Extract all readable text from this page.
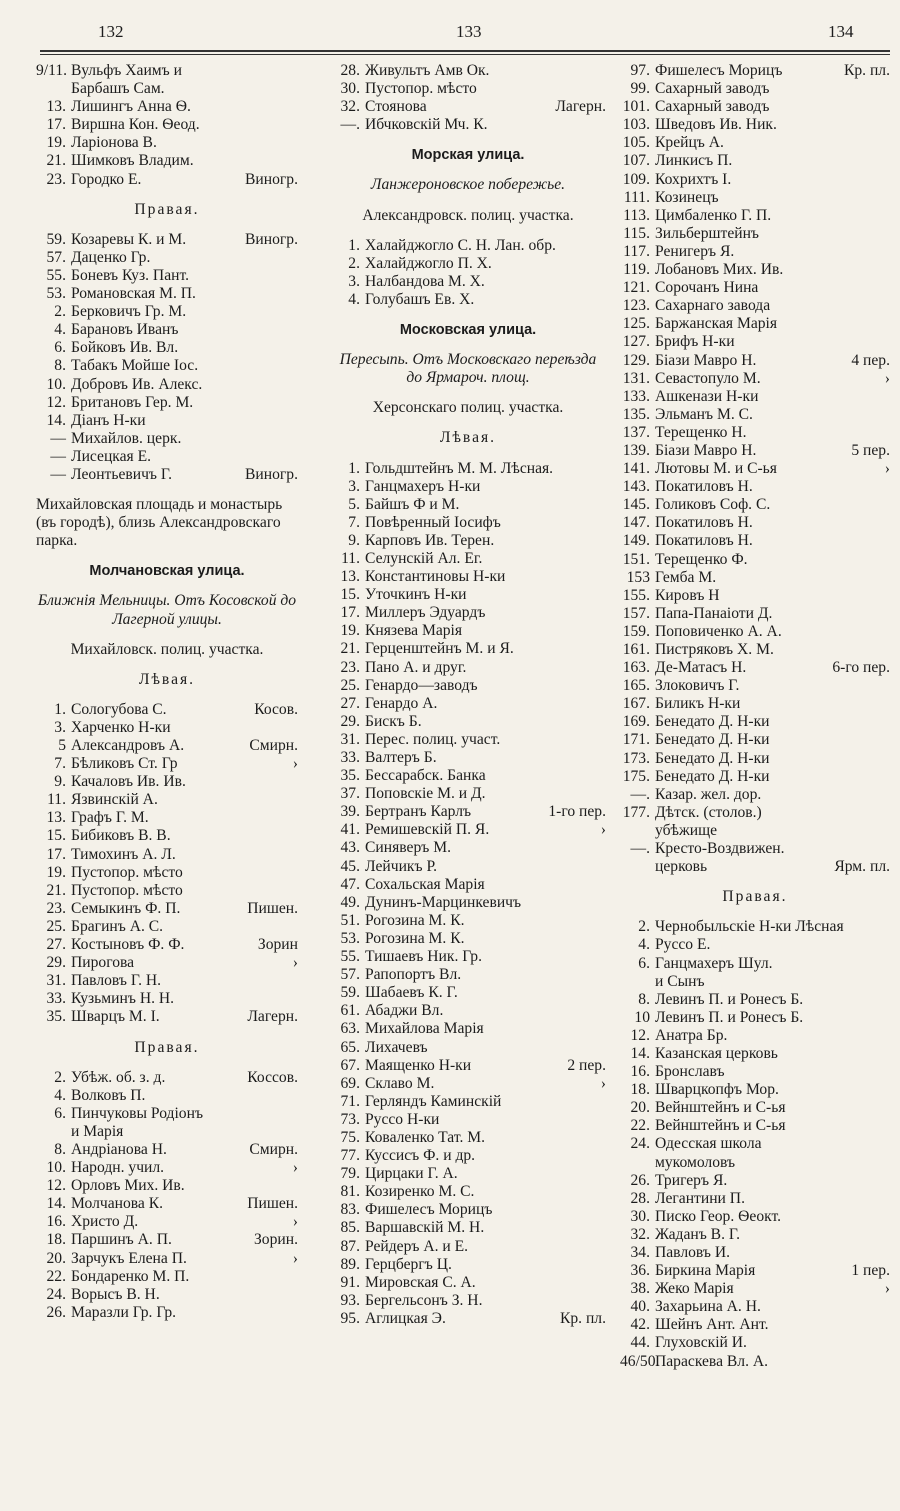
132	133	134
9/11. Вульфъ Хаимъ и
Барбашъ Сам.
13. Лишингъ Анна Ѳ.
17. Виршна Кон. Ѳеод.
19. Ларіонова В.
21. Шимковъ Владим.
23. Городко Е.	Виногр.
Правая.
59. Козаревы К. и М.	Виногр.
57. Даценко Гр.
55. Боневъ Куз. Пант.
53. Романовская М. П.
2. Берковичъ Гр. М.
4. Барановъ Иванъ
6. Бойковъ Ив. Вл.
8. Табакъ Мойше Іос.
10. Добровъ Ив. Алекс.
12. Британовъ Гер. М.
14. Діанъ Н-ки
— Михайлов. церк.
— Лисецкая Е.
— Леонтьевичъ Г.	Виногр.
Михайловская площадь и монастырь (въ городѣ), близь Александровскаго парка.
Молчановская улица.
Ближнія Мельницы. Отъ Косовской до Лагерной улицы.
Михайловск. полиц. участка.
Лѣвая.
1. Сологубова С.	Косов.
3. Харченко Н-ки
5 Александровъ А.	Смирн.
7. Бѣликовъ Ст. Гр	›
9. Качаловъ Ив. Ив.
11. Язвинскій А.
13. Графъ Г. М.
15. Бибиковъ В. В.
17. Тимохинъ А. Л.
19. Пустопор. мѣсто
21. Пустопор. мѣсто
23. Семыкинъ Ф. П.	Пишен.
25. Брагинъ А. С.
27. Костыновъ Ф. Ф.	Зорин
29. Пирогова	›
31. Павловъ Г. Н.
33. Кузьминъ Н. Н.
35. Шварцъ М. І.	Лагерн.
Правая.
2. Убѣж. об. з. д.	Коссов.
4. Волковъ П.
6. Пинчуковы Родіонъ
и Марія
8. Андріанова Н.	Смирн.
10. Народн. учил.	›
12. Орловъ Мих. Ив.
14. Молчанова К.	Пишен.
16. Христо Д.	›
18. Паршинъ А. П.	Зорин.
20. Зарчукъ Елена П.	›
22. Бондаренко М. П.
24. Ворысъ В. Н.
26. Маразли Гр. Гр.
28. Живультъ Амв Ок.
30. Пустопор. мѣсто
32. Стоянова	Лагерн.
—. Ибчковскій Мч. К.
Морская улица.
Ланжероновское побережье.
Александровск. полиц. участка.
1. Халайджогло С. Н. Лан. обр.
2. Халайджогло П. Х.
3. Налбандова М. Х.
4. Голубашъ Ев. Х.
Московская улица.
Пересыпь. Отъ Московскаго переѣзда до Ярмароч. площ.
Херсонскаго полиц. участка.
Лѣвая.
1. Гольдштейнъ М. М. Лѣсная.
3. Ганцмахеръ Н-ки
5. Байшъ Ф и М.
7. Повѣренный Іосифъ
9. Карповъ Ив. Терен.
11. Селунскій Ал. Ег.
13. Константиновы Н-ки
15. Уточкинъ Н-ки
17. Миллеръ Эдуардъ
19. Князева Марія
21. Герценштейнъ М. и Я.
23. Пано А. и друг.
25. Генардо—заводъ
27. Генардо А.
29. Бискъ Б.
31. Перес. полиц. участ.
33. Валтеръ Б.
35. Бессарабск. Банка
37. Поповскіе М. и Д.
39. Бертранъ Карлъ	1-го пер.
41. Ремишевскій П. Я.	›
43. Синяверъ М.
45. Лейчикъ Р.
47. Сохальская Марія
49. Дунинъ-Марцинкевичъ
51. Рогозина М. К.
53. Рогозина М. К.
55. Тишаевъ Ник. Гр.
57. Рапопортъ Вл.
59. Шабаевъ К. Г.
61. Абаджи Вл.
63. Михайлова Марія
65. Лихачевъ
67. Маященко Н-ки	2 пер.
69. Склаво М.	›
71. Герляндъ Каминскій
73. Руссо Н-ки
75. Коваленко Тат. М.
77. Куссисъ Ф. и др.
79. Цирцаки Г. А.
81. Козиренко М. С.
83. Фишелесъ Морицъ
85. Варшавскій М. Н.
87. Рейдеръ А. и Е.
89. Герцбергъ Ц.
91. Мировская С. А.
93. Бергельсонъ З. Н.
95. Аглицкая Э.	Кр. пл.
97. Фишелесъ Морицъ	Кр. пл.
99. Сахарный заводъ
101. Сахарный заводъ
103. Шведовъ Ив. Ник.
105. Крейцъ А.
107. Линкисъ П.
109. Кохрихтъ І.
111. Козинецъ
113. Цимбаленко Г. П.
115. Зильберштейнъ
117. Ренигеръ Я.
119. Лобановъ Мих. Ив.
121. Сорочанъ Нина
123. Сахарнаго завода
125. Баржанская Марія
127. Брифъ Н-ки
129. Біази Мавро Н.	4 пер.
131. Севастопуло М.	›
133. Ашкенази Н-ки
135. Эльманъ М. С.
137. Терещенко Н.
139. Біази Мавро Н.	5 пер.
141. Лютовы М. и С-ья	›
143. Покатиловъ Н.
145. Голиковъ Соф. С.
147. Покатиловъ Н.
149. Покатиловъ Н.
151. Терещенко Ф.
153 Гемба М.
155. Кировъ Н
157. Папа-Панаіоти Д.
159. Поповиченко А. А.
161. Пистряковъ Х. М.
163. Де-Матасъ Н.	6-го пер.
165. Злоковичъ Г.
167. Биликъ Н-ки
169. Бенедато Д. Н-ки
171. Бенедато Д. Н-ки
173. Бенедато Д. Н-ки
175. Бенедато Д. Н-ки
—. Казар. жел. дор.
177. Дѣтск. (столов.)
убѣжище
—. Кресто-Воздвижен.
церковь	Ярм. пл.
Правая.
2. Чернобыльскіе Н-ки Лѣсная
4. Руссо Е.
6. Ганцмахеръ Шул.
и Сынъ
8. Левинъ П. и Ронесъ Б.
10 Левинъ П. и Ронесъ Б.
12. Анатра Бр.
14. Казанская церковь
16. Бронславъ
18. Шварцкопфъ Мор.
20. Вейнштейнъ и С-ья
22. Вейнштейнъ и С-ья
24. Одесская школа
мукомоловъ
26. Тригеръ Я.
28. Легантини П.
30. Писко Геор. Ѳеокт.
32. Жаданъ В. Г.
34. Павловъ И.
36. Биркина Марія	1 пер.
38. Жеко Марія	›
40. Захарьина А. Н.
42. Шейнъ Ант. Ант.
44. Глуховскій И.
46/50.Параскева Вл. А.
